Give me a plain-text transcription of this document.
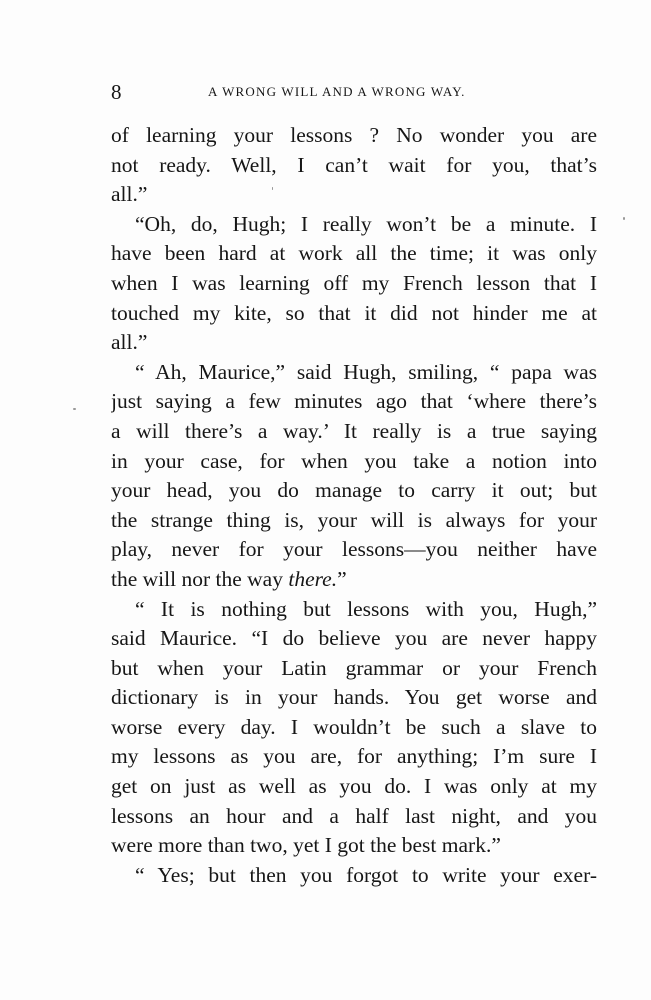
8	A WRONG WILL AND A WRONG WAY.
of learning your lessons ? No wonder you are
not ready. Well, I can’t wait for you, that’s
all.”
“Oh, do, Hugh; I really won’t be a minute. I
have been hard at work all the time; it was only
when I was learning off my French lesson that I
touched my kite, so that it did not hinder me at
all.”
“ Ah, Maurice,” said Hugh, smiling, “ papa was
just saying a few minutes ago that ‘where there’s
a will there’s a way.’ It really is a true saying
in your case, for when you take a notion into
your head, you do manage to carry it out; but
the strange thing is, your will is always for your
play, never for your lessons—you neither have
the will nor the way there.”
“ It is nothing but lessons with you, Hugh,”
said Maurice. “I do believe you are never happy
but when your Latin grammar or your French
dictionary is in your hands. You get worse and
worse every day. I wouldn’t be such a slave to
my lessons as you are, for anything; I’m sure I
get on just as well as you do. I was only at my
lessons an hour and a half last night, and you
were more than two, yet I got the best mark.”
“ Yes; but then you forgot to write your exer-
